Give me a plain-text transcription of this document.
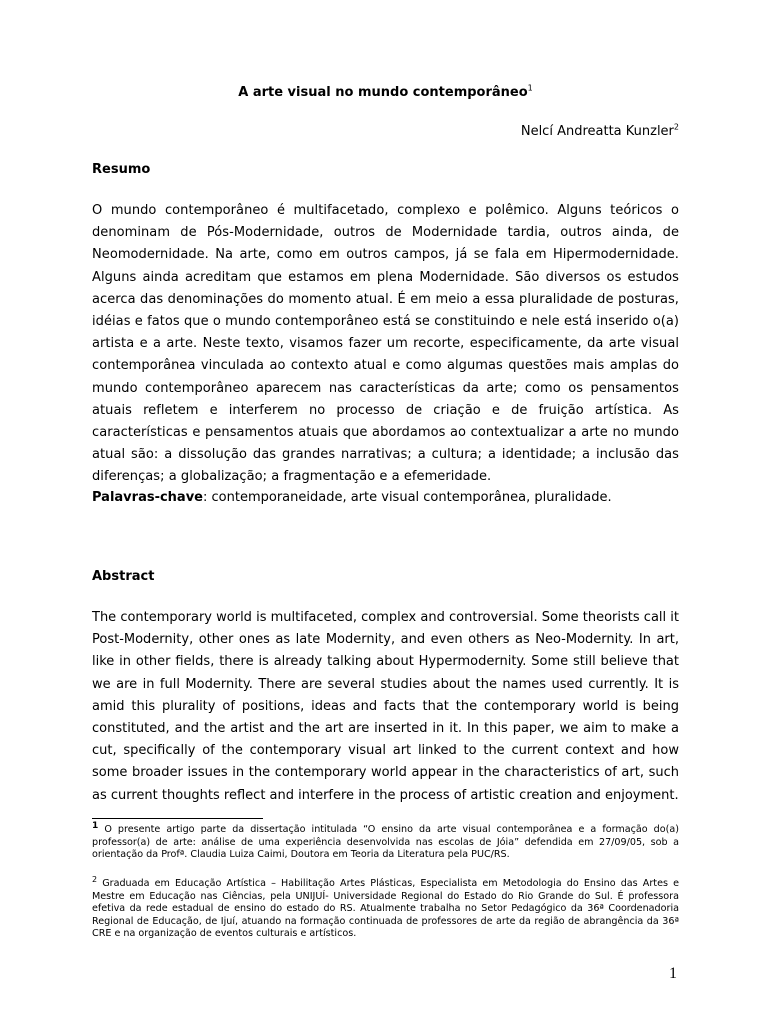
A arte visual no mundo contemporâneo$^1$
Nelcí Andreatta Kunzler$^2$
Resumo
O mundo contemporâneo é multifacetado, complexo e polêmico. Alguns teóricos o denominam de Pós-Modernidade, outros de Modernidade tardia, outros ainda, de Neomodernidade. Na arte, como em outros campos, já se fala em Hipermodernidade. Alguns ainda acreditam que estamos em plena Modernidade. São diversos os estudos acerca das denominações do momento atual. É em meio a essa pluralidade de posturas, idéias e fatos que o mundo contemporâneo está se constituindo e nele está inserido o(a) artista e a arte. Neste texto, visamos fazer um recorte, especificamente, da arte visual contemporânea vinculada ao contexto atual e como algumas questões mais amplas do mundo contemporâneo aparecem nas características da arte; como os pensamentos atuais refletem e interferem no processo de criação e de fruição artística. As características e pensamentos atuais que abordamos ao contextualizar a arte no mundo atual são: a dissolução das grandes narrativas; a cultura; a identidade; a inclusão das diferenças; a globalização; a fragmentação e a efemeridade.
Palavras-chave: contemporaneidade, arte visual contemporânea, pluralidade.
Abstract
The contemporary world is multifaceted, complex and controversial. Some theorists call it Post-Modernity, other ones as late Modernity, and even others as Neo-Modernity. In art, like in other fields, there is already talking about Hypermodernity. Some still believe that we are in full Modernity. There are several studies about the names used currently. It is amid this plurality of positions, ideas and facts that the contemporary world is being constituted, and the artist and the art are inserted in it. In this paper, we aim to make a cut, specifically of the contemporary visual art linked to the current context and how some broader issues in the contemporary world appear in the characteristics of art, such as current thoughts reflect and interfere in the process of artistic creation and enjoyment.
1 O presente artigo parte da dissertação intitulada “O ensino da arte visual contemporânea e a formação do(a) professor(a) de arte: análise de uma experiência desenvolvida nas escolas de Jóia” defendida em 27/09/05, sob a orientação da Profª. Claudia Luiza Caimi, Doutora em Teoria da Literatura pela PUC/RS.
$^2$ Graduada em Educação Artística – Habilitação Artes Plásticas, Especialista em Metodologia do Ensino das Artes e Mestre em Educação nas Ciências, pela UNIJUÍ- Universidade Regional do Estado do Rio Grande do Sul. É professora efetiva da rede estadual de ensino do estado do RS. Atualmente trabalha no Setor Pedagógico da 36ª Coordenadoria Regional de Educação, de Ijuí, atuando na formação continuada de professores de arte da região de abrangência da 36ª CRE e na organização de eventos culturais e artísticos.
1
